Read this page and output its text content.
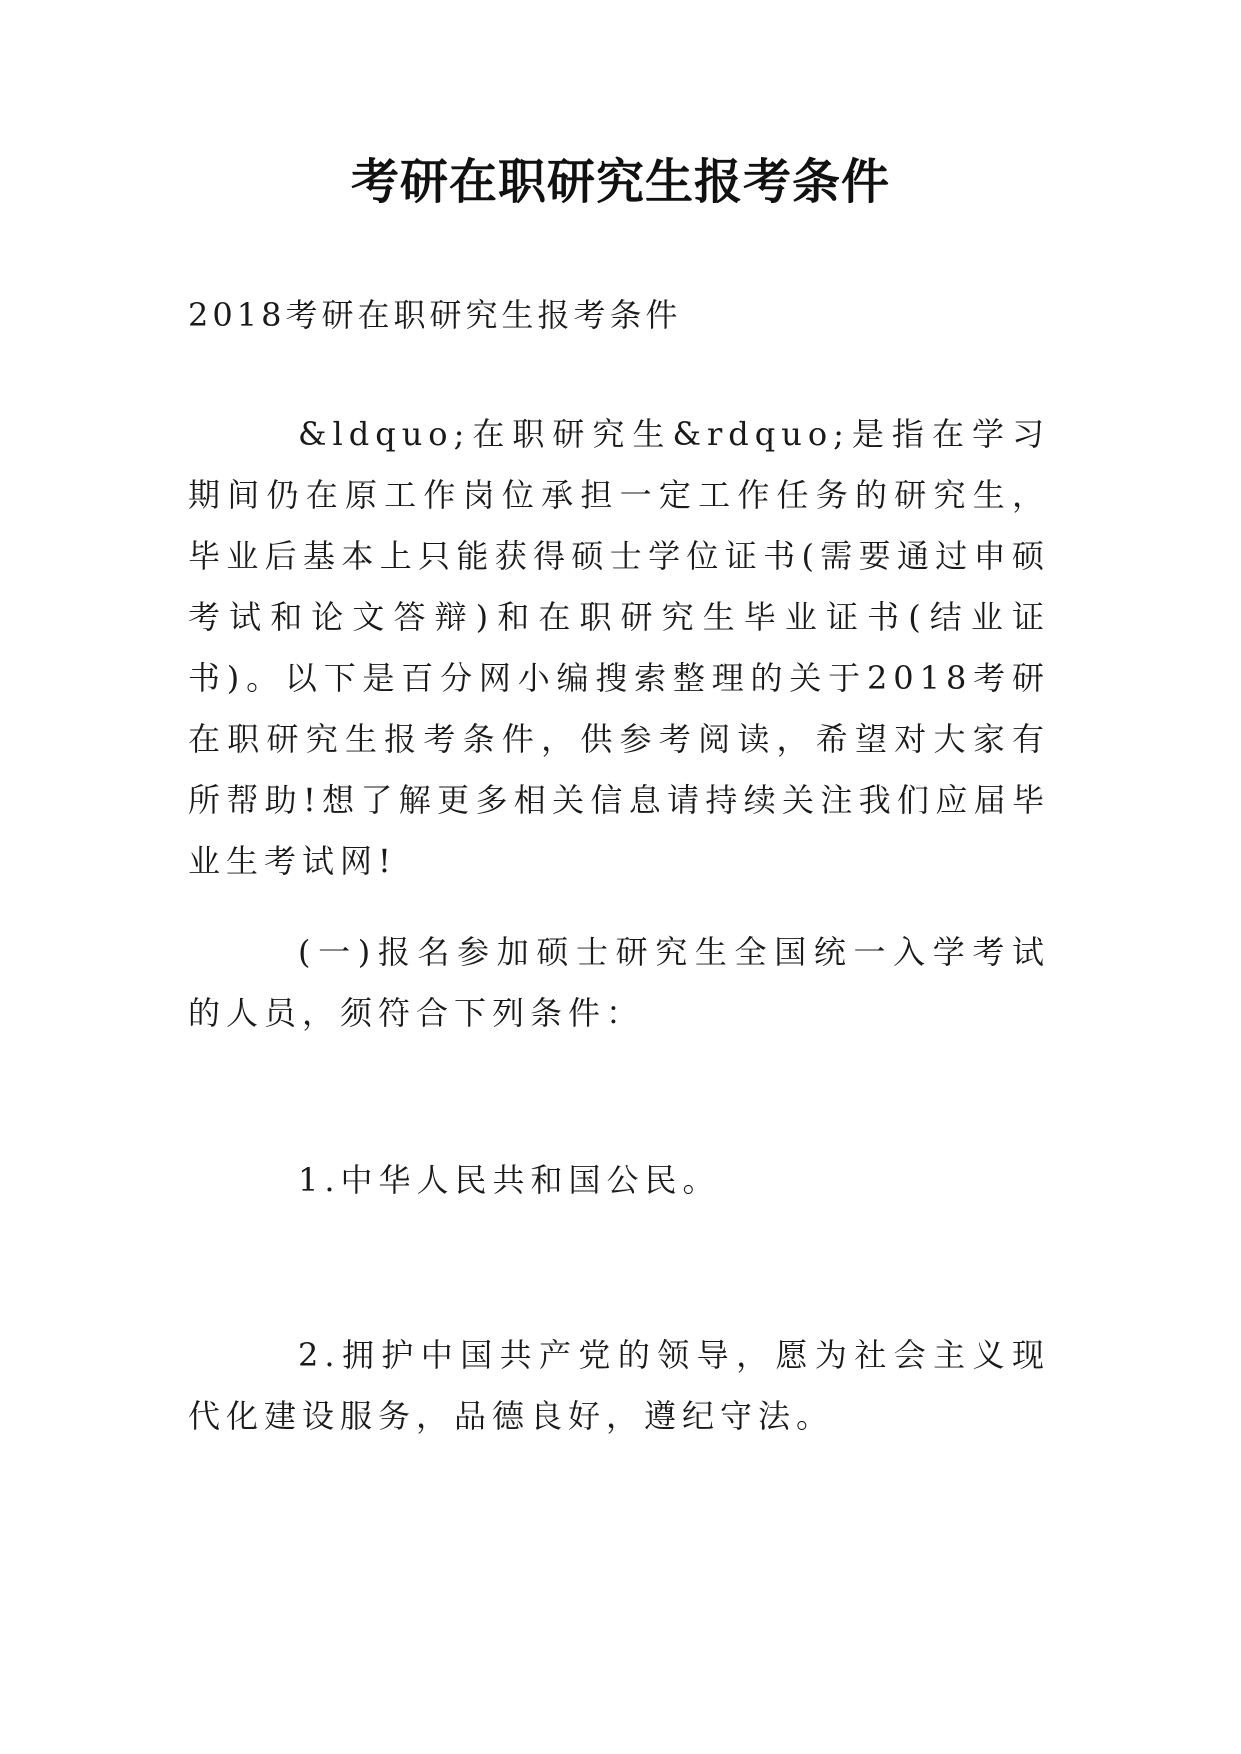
考研在职研究生报考条件

2018考研在职研究生报考条件

&ldquo;在职研究生&rdquo;是指在学习期间仍在原工作岗位承担一定工作任务的研究生，毕业后基本上只能获得硕士学位证书(需要通过申硕考试和论文答辩)和在职研究生毕业证书(结业证书)。以下是百分网小编搜索整理的关于2018考研在职研究生报考条件，供参考阅读，希望对大家有所帮助!想了解更多相关信息请持续关注我们应届毕业生考试网!

(一)报名参加硕士研究生全国统一入学考试的人员，须符合下列条件：

1.中华人民共和国公民。

2.拥护中国共产党的领导，愿为社会主义现代化建设服务，品德良好，遵纪守法。
